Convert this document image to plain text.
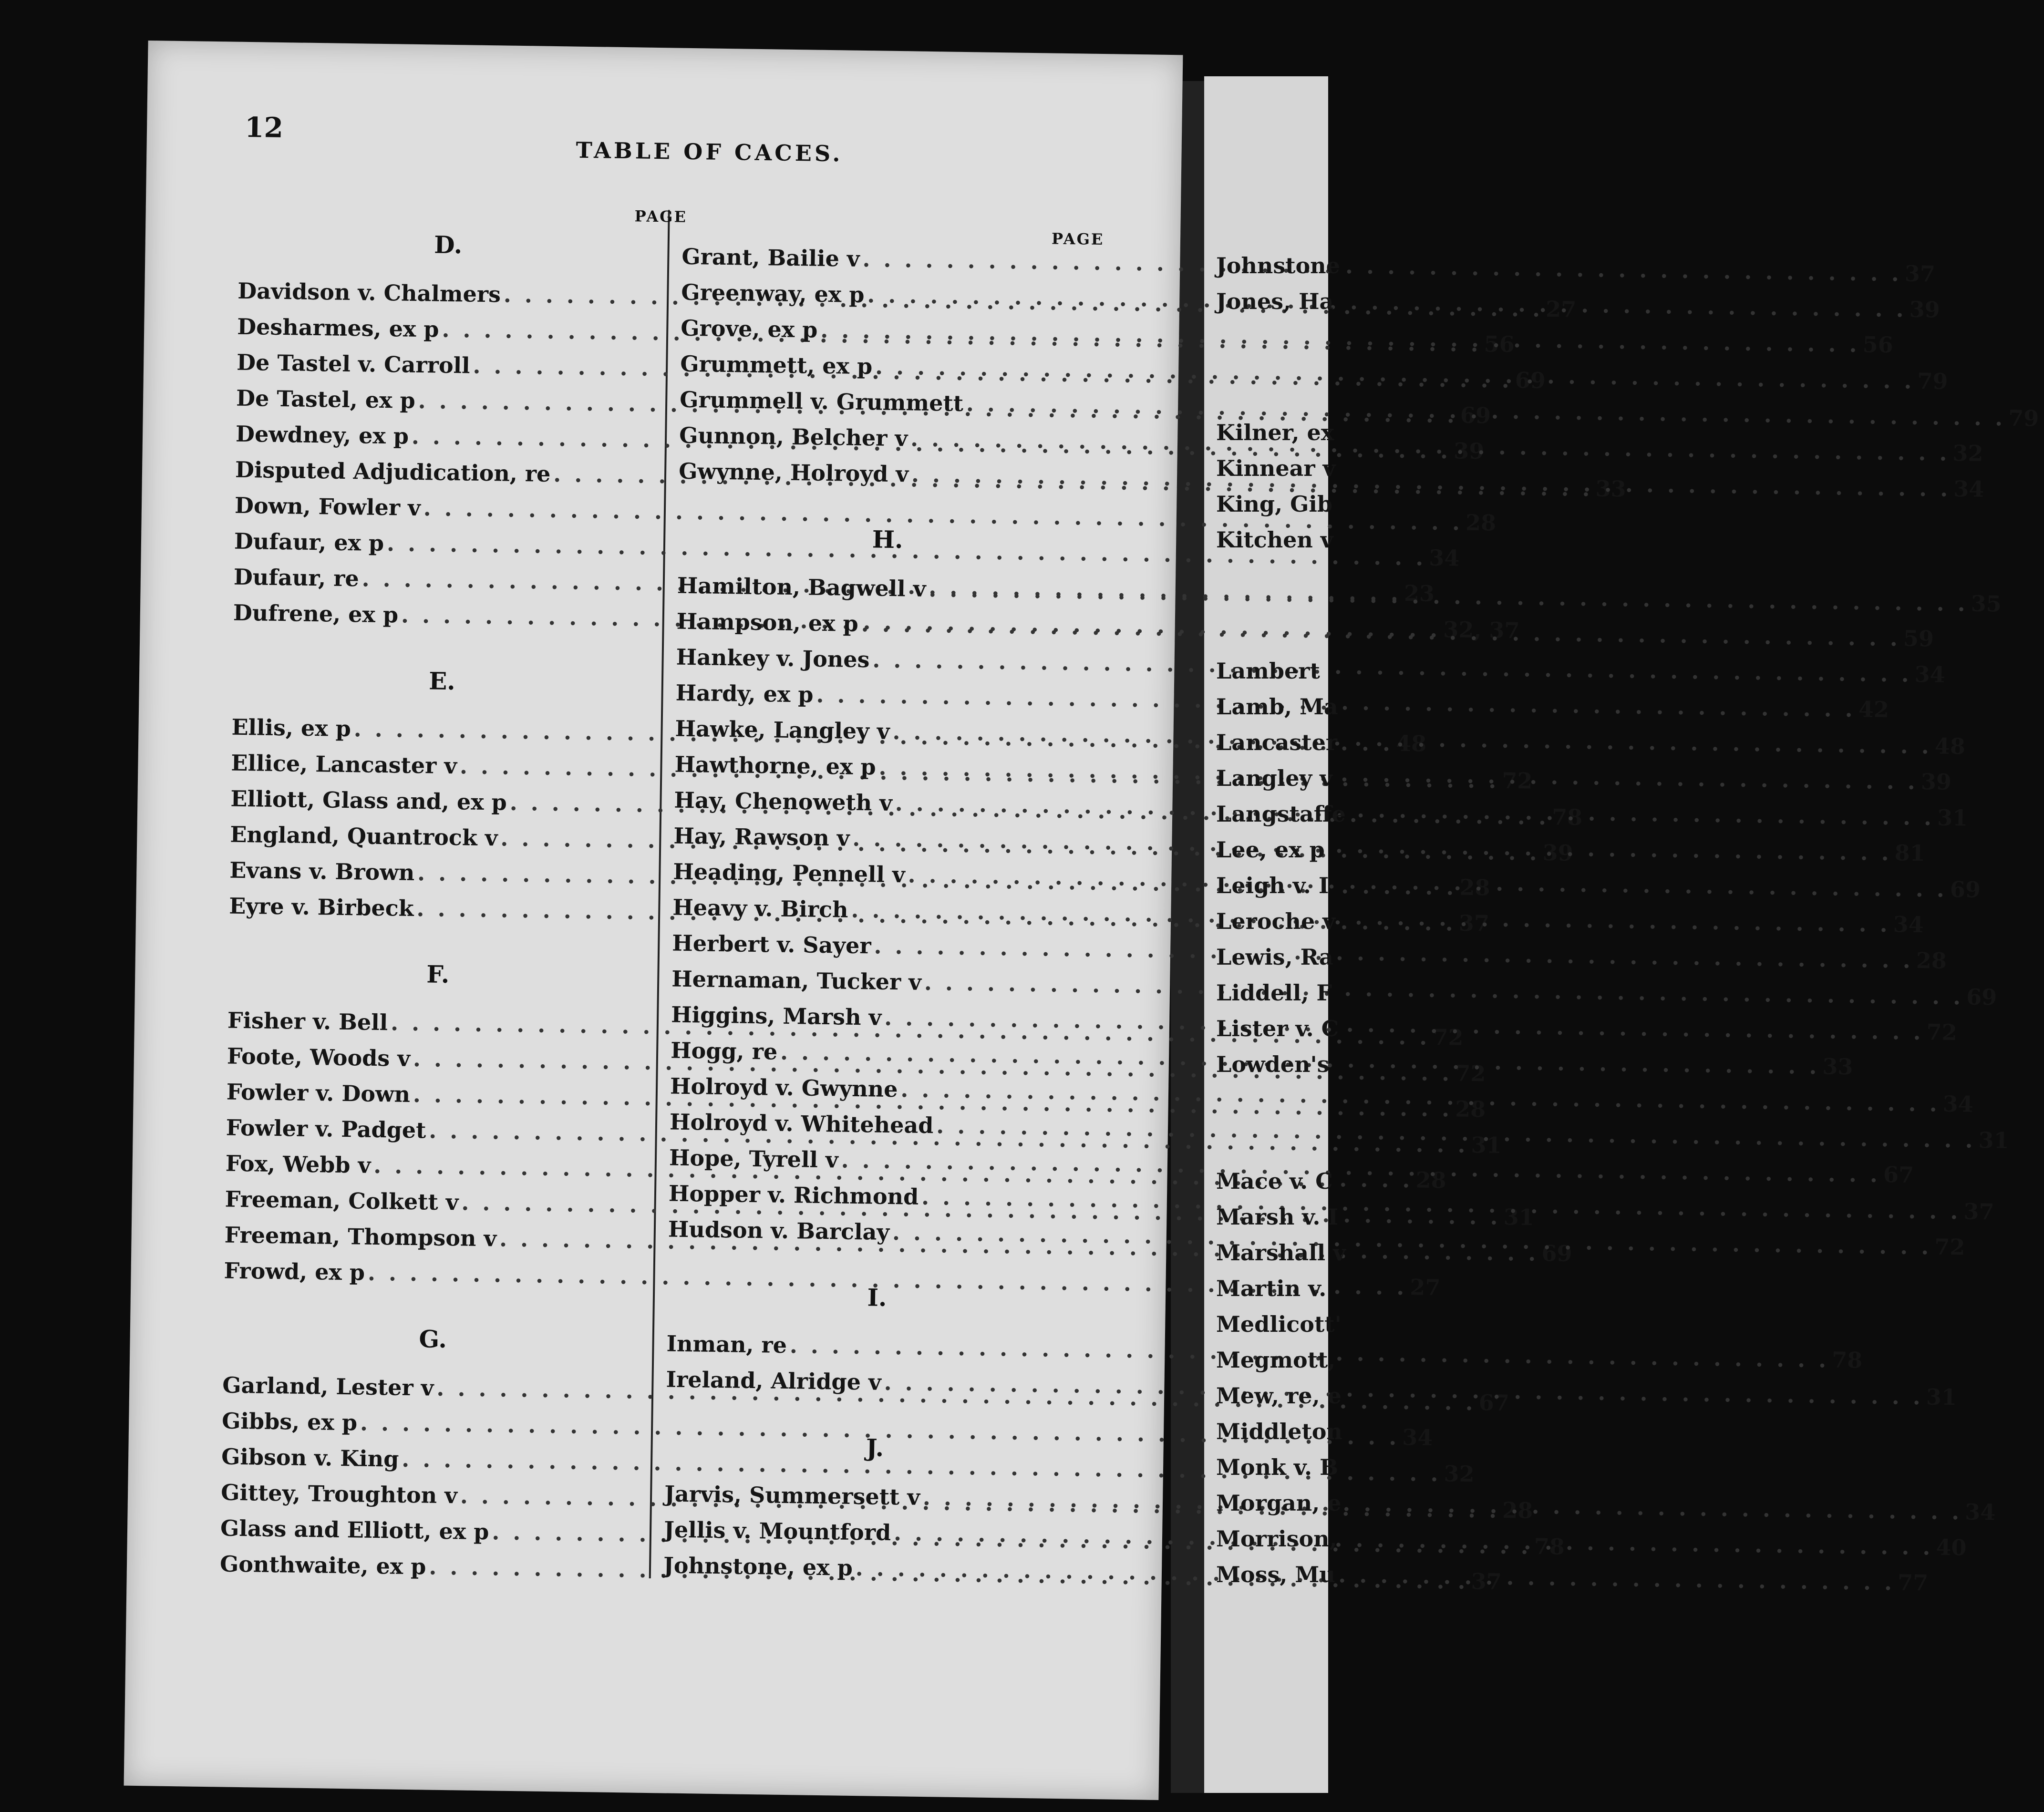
12
TABLE OF CACES.
PAGE
PAGE
D.
Davidson v. Chalmers
. . .
27
Desharmes, ex p
. . .
56
De Tastel v. Carroll
. . .
69
De Tastel, ex p
. . .
69
Dewdney, ex p
. . .
39
Disputed Adjudication, re
. . .
33
Down, Fowler v
. . .
28
Dufaur, ex p
. . .
34
Dufaur, re
. . .
23
Dufrene, ex p
. . .
32, 37
E.
Ellis, ex p
. . .
48
Ellice, Lancaster v
. . .
72
Elliott, Glass and, ex p
. . .
78
England, Quantrock v
. . .
39
Evans v. Brown
. . .
28
Eyre v. Birbeck
. . .
37
F.
Fisher v. Bell
. . .
72
Foote, Woods v
. . .
72
Fowler v. Down
. . .
28
Fowler v. Padget
. . .
31
Fox, Webb v
. . .
28
Freeman, Colkett v
. . .
31
Freeman, Thompson v
. . .
69
Frowd, ex p
. . .
27
G.
Garland, Lester v
. . .
67
Gibbs, ex p
. . .
34
Gibson v. King
. . .
32
Gittey, Troughton v
. . .
28
Glass and Elliott, ex p
. . .
78
Gonthwaite, ex p
. . .
37
Grant, Bailie v
. . .
37
Greenway, ex p
. . .
39
Grove, ex p
. . .
56
Grummett, ex p
. . .
79
Grummell v. Grummett
. . .
79
Gunnon, Belcher v
. . .
32
Gwynne, Holroyd v
. . .
34
H.
Hamilton, Bagwell v
. . .
35
Hampson, ex p
. . .
59
Hankey v. Jones
. . .
34
Hardy, ex p
. . .
42
Hawke, Langley v
. . .
48
Hawthorne, ex p
. . .
39
Hay, Chenoweth v
. . .
31
Hay, Rawson v
. . .
81
Heading, Pennell v
. . .
69
Heavy v. Birch
. . .
34
Herbert v. Sayer
. . .
28
Hernaman, Tucker v
. . .
69
Higgins, Marsh v
. . .
72
Hogg, re
. . .
33
Holroyd v. Gwynne
. . .
34
Holroyd v. Whitehead
. . .
31
Hope, Tyrell v
. . .
67
Hopper v. Richmond
. . .
37
Hudson v. Barclay
. . .
72
I.
Inman, re
. . .
78
Ireland, Alridge v
. . .
31
J.
Jarvis, Summersett v
. . .
34
Jellis v. Mountford
. . .
40
Johnstone, ex p
. . .
77
Johnstone
Jones, Ha
Kilner, ex
Kinnear v
King, Gib
Kitchen v
Lambert
Lamb, Ma
Lancaster
Langley v
Langstaffe
Lee, ex p
Leigh v. I
Leroche v
Lewis, Ra
Liddell, F
Lister v. C
Lowden's
Mace v. C
Marsh v. I
Marshall v
Martin v.
Medlicott'
Megmott,
Mew, re, e
Middleton
Monk v. B
Morgan, e
Morrison,
Moss, Mu
